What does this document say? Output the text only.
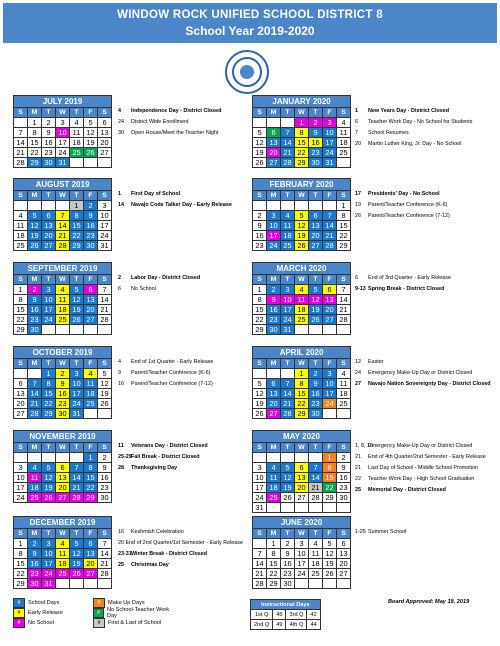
WINDOW ROCK UNIFIED SCHOOL DISTRICT 8
School Year 2019-2020
JULY 2019						
S	M	T	W	T	F	S
	1	2	3	4	5	6
7	8	9	10	11	12	13
14	15	16	17	18	19	20
21	22	23	24	25	26	27
28	29	30	31			
4	Independence Day - District Closed
24	District Wide Enrollment
30	Open House/Meet the Teacher Night
JANUARY 2020						
S	M	T	W	T	F	S
			1	2	3	4
5	6	7	8	9	10	11
12	13	14	15	16	17	18
19	20	21	22	23	24	25
26	27	28	29	30	31	
1	New Years Day - District Closed
6	Teacher Work Day - No School for Students
7	School Resumes
20	Martin Luther King, Jr. Day - No School
AUGUST 2019						
S	M	T	W	T	F	S
				1	2	3
4	5	6	7	8	9	10
11	12	13	14	15	16	17
18	19	20	21	22	23	24
25	26	27	28	29	30	31
1	First Day of School
14	Navajo Code Talker Day - Early Release
FEBRUARY 2020						
S	M	T	W	T	F	S
						1
2	3	4	5	6	7	8
9	10	11	12	13	14	15
16	17	18	19	20	21	22
23	24	25	26	27	28	29
17	Presidents' Day - No School
19	Parent/Teacher Conference (K-6)
26	Parent/Teacher Conference (7-12)
SEPTEMBER 2019						
S	M	T	W	T	F	S
1	2	3	4	5	6	7
8	9	10	11	12	13	14
15	16	17	18	19	20	21
22	23	24	25	26	27	28
29	30					
2	Labor Day - District Closed
6	No School
MARCH 2020						
S	M	T	W	T	F	S
1	2	3	4	5	6	7
8	9	10	11	12	13	14
15	16	17	18	19	20	21
22	23	24	25	26	27	28
29	30	31				
6	End of 3rd Quarter - Early Release
9-13 Spring Break - District Closed
OCTOBER 2019						
S	M	T	W	T	F	S
		1	2	3	4	5
6	7	8	9	10	11	12
13	14	15	16	17	18	19
20	21	22	23	24	25	26
27	28	29	30	31		
4	End of 1st Quarter - Early Release
9	Parent/Teacher Conference (K-6)
16	Parent/Teacher Conference (7-12)
APRIL 2020						
S	M	T	W	T	F	S
			1	2	3	4
5	6	7	8	9	10	11
12	13	14	15	16	17	18
19	20	21	22	23	24	25
26	27	28	29	30		
12	Easter
24	Emergency Make-Up Day or District Closed
27	Navajo Nation Sovereignty Day - District Closed
NOVEMBER 2019						
S	M	T	W	T	F	S
					1	2
3	4	5	6	7	8	9
10	11	12	13	14	15	16
17	18	19	20	21	22	23
24	25	26	27	28	29	30
11	Veterans Day - District Closed
25-29 Fall Break - District Closed
28	Thanksgiving Day
MAY 2020						
S	M	T	W	T	F	S
					1	2
3	4	5	6	7	8	9
10	11	12	13	14	15	16
17	18	19	20	21	22	23
24	25	26	27	28	29	30
31						
1, 8, 15
Emergency Make-Up Day or District Closed
21	End of 4th Quarter/2nd Semester - Early Release
21	Last Day of School - Middle School Promotion
22	Teacher Work Day - High School Graduation
25	Memorial Day - District Closed
DECEMBER 2019						
S	M	T	W	T	F	S
1	2	3	4	5	6	7
8	9	10	11	12	13	14
15	16	17	18	19	20	21
22	23	24	25	26	27	28
29	30	31				
16	Keshmish Celebration
20 End of 2nd Quarter/1st Semester - Early Release
23-31 Winter Break - District Closed
25	Christmas Day
JUNE 2020						
S	M	T	W	T	F	S
	1	2	3	4	5	6
7	8	9	10	11	12	13
14	15	16	17	18	19	20
21	22	23	24	25	26	27
28	29	30				
1-25 Summer School
#	School Days	#	Make Up Days
#	Early Release	#	No School-Teacher Work Day
#	No School	#	First & Last of School
Instructional Days			
1st Q	45	3rd Q	42
2nd Q	49	4th Q	44
Board Approved: May 18, 2019
